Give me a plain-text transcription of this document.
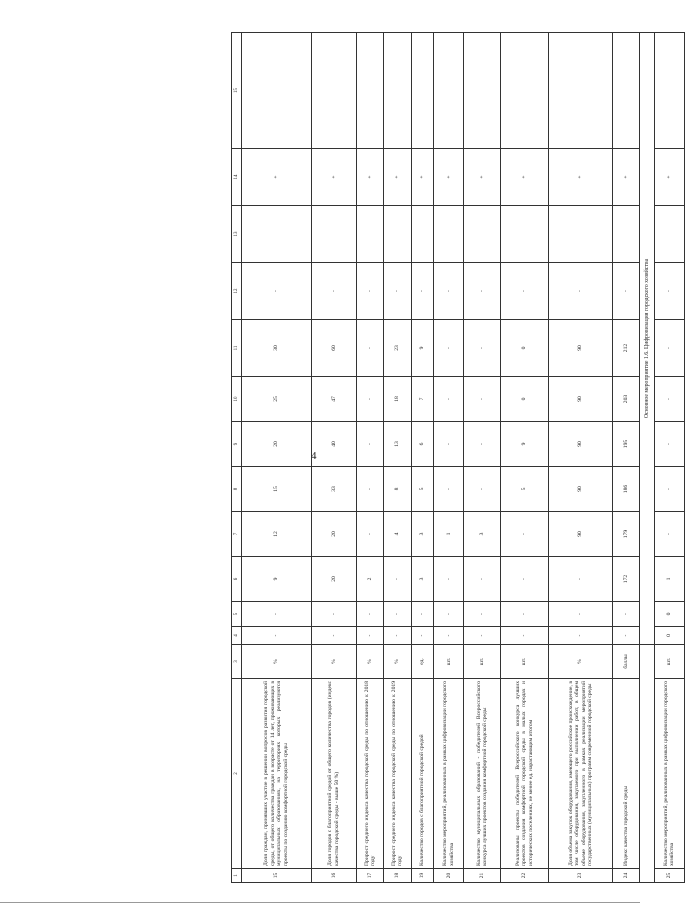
4
1	2	3	4	5	6	7	8	9	10	11	12	13	14	15
15	Доля граждан, принявших участие в решении вопросов развития городской среды, от общего количества граждан в возрасте от 14 лет, проживающих в муниципальных образованиях, на территориях которых реализуются проекты по созданию комфортной городской среды	%	-	-	9	12	15	20	25	30	-		+	
16	Доля городов с благоприятной средой от общего количества городов (индекс качества городской среды - выше 50 %)	%	-	-	20	20	33	40	47	60	-		+	
17	Прирост среднего индекса качества городской среды по отношению к 2018 году	%	-	-	2	-	-	-	-	-	-		+	
18	Прирост среднего индекса качества городской среды по отношению к 2019 году	%	-	-	-	4	8	13	18	23	-		+	
19	Количество городов с благоприятной городской средой	ед.	-	-	3	3	5	6	7	9	-		+	
20	Количество мероприятий, реализованных в рамках цифровизации городского хозяйства	шт.	-	-	-	1	-	-	-	-	-		+	
21	Количество муниципальных образований - победителей Всероссийского конкурса лучших проектов создания комфортной городской среды	шт.	-	-	-	3	-	-	-	-	-		+	
22	Реализованы проекты победителей Всероссийского конкурса лучших проектов создания комфортной городской среды в малых городах и исторических поселениях, не менее ед. нарастающим итогом	шт.	-	-	-	-	5	9	0	0	-		+	
23	Доля объема закупок оборудования, имеющего российское происхождение, в том числе оборудования, закупаемого при выполнении работ, в общем объеме оборудования, закупленного в рамках реализации мероприятий государственных (муниципальных) программ современной городской среды	%	-	-	-	90	90	90	90	90	-		+	
24	Индекс качества городской среды	баллы	-	-	172	179	186	195	203	212	-		+	
			Основное мероприятие 1.6. Цифровизация городского хозяйства											
25	Количество мероприятий, реализованных в рамках цифровизации городского хозяйства	шт.	0	0	1	-	-	-	-	-	-		+	
